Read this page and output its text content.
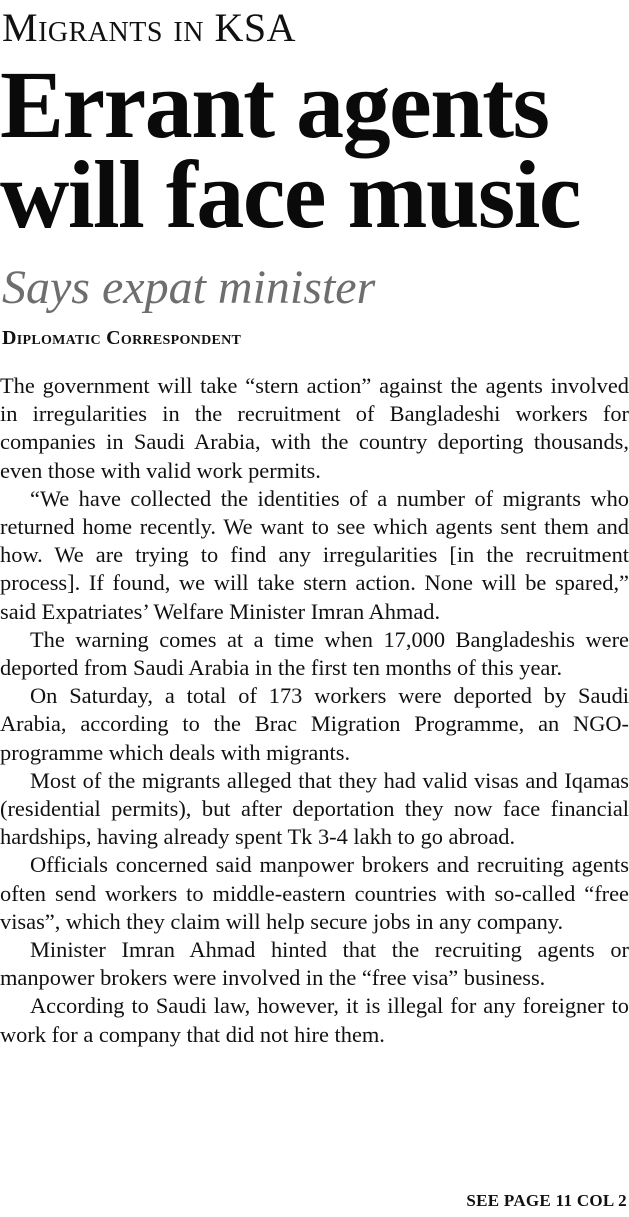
Migrants in KSA
Errant agents
will face music
Says expat minister
Diplomatic Correspondent

The government will take “stern action” against the agents involved in irregularities in the recruitment of Bangladeshi workers for companies in Saudi Arabia, with the country deporting thousands, even those with valid work permits.

“We have collected the identities of a number of migrants who returned home recently. We want to see which agents sent them and how. We are trying to find any irregularities [in the recruitment process]. If found, we will take stern action. None will be spared,” said Expatriates’ Welfare Minister Imran Ahmad.

The warning comes at a time when 17,000 Bangladeshis were deported from Saudi Arabia in the first ten months of this year.

On Saturday, a total of 173 workers were deported by Saudi Arabia, according to the Brac Migration Programme, an NGO-programme which deals with migrants.

Most of the migrants alleged that they had valid visas and Iqamas (residential permits), but after deportation they now face financial hardships, having already spent Tk 3-4 lakh to go abroad.

Officials concerned said manpower brokers and recruiting agents often send workers to middle-eastern countries with so-called “free visas”, which they claim will help secure jobs in any company.

Minister Imran Ahmad hinted that the recruiting agents or manpower brokers were involved in the “free visa” business.

According to Saudi law, however, it is illegal for any foreigner to work for a company that did not hire them.

SEE PAGE 11 COL 2
